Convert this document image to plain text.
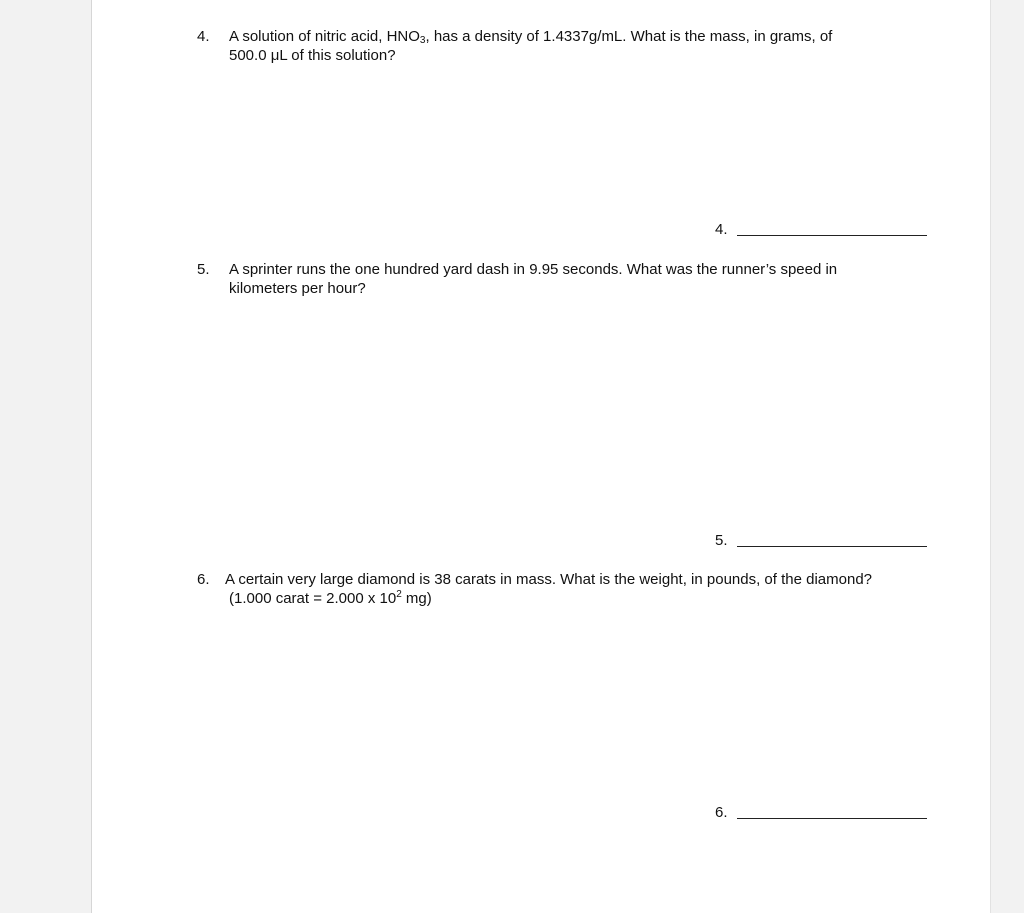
4. A solution of nitric acid, $HNO_3$, has a density of 1.4337g/mL. What is the mass, in grams, of
500.0 μL of this solution?
4.
5. A sprinter runs the one hundred yard dash in 9.95 seconds. What was the runner’s speed in
kilometers per hour?
5.
6. A certain very large diamond is 38 carats in mass. What is the weight, in pounds, of the diamond?
(1.000 carat = 2.000 x $10^2$ mg)
6.
